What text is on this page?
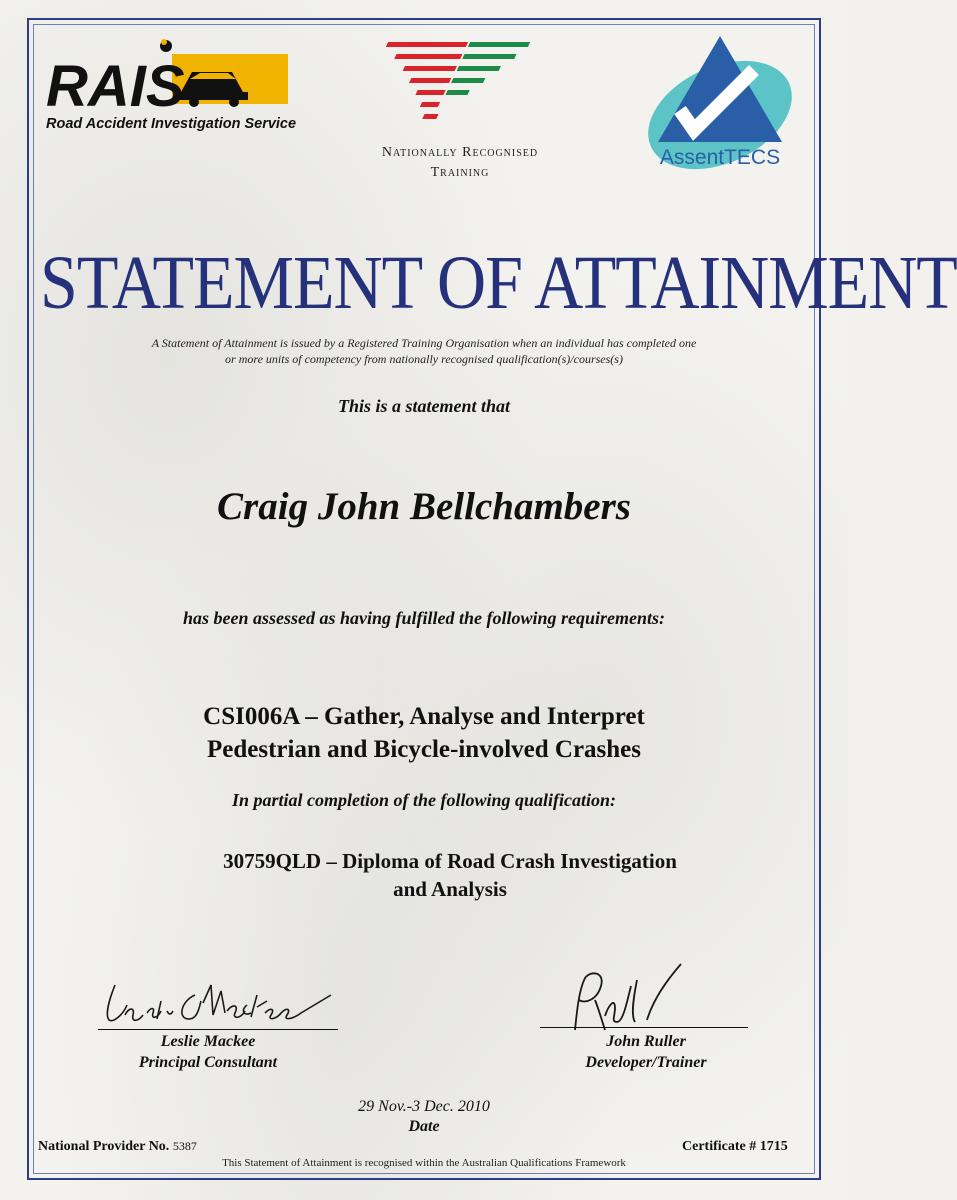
RAIS
Road Accident Investigation Service
Nationally Recognised
Training
AssentTECS
STATEMENT OF ATTAINMENT
A Statement of Attainment is issued by a Registered Training Organisation when an individual has completed one
or more units of competency from nationally recognised qualification(s)/courses(s)
This is a statement that
Craig John Bellchambers
has been assessed as having fulfilled the following requirements:
CSI006A – Gather, Analyse and Interpret
Pedestrian and Bicycle-involved Crashes
In partial completion of the following qualification:
30759QLD – Diploma of Road Crash Investigation
and Analysis
Leslie Mackee
Principal Consultant
John Ruller
Developer/Trainer
29 Nov.-3 Dec. 2010
Date
National Provider No. 5387	Certificate # 1715
This Statement of Attainment is recognised within the Australian Qualifications Framework
